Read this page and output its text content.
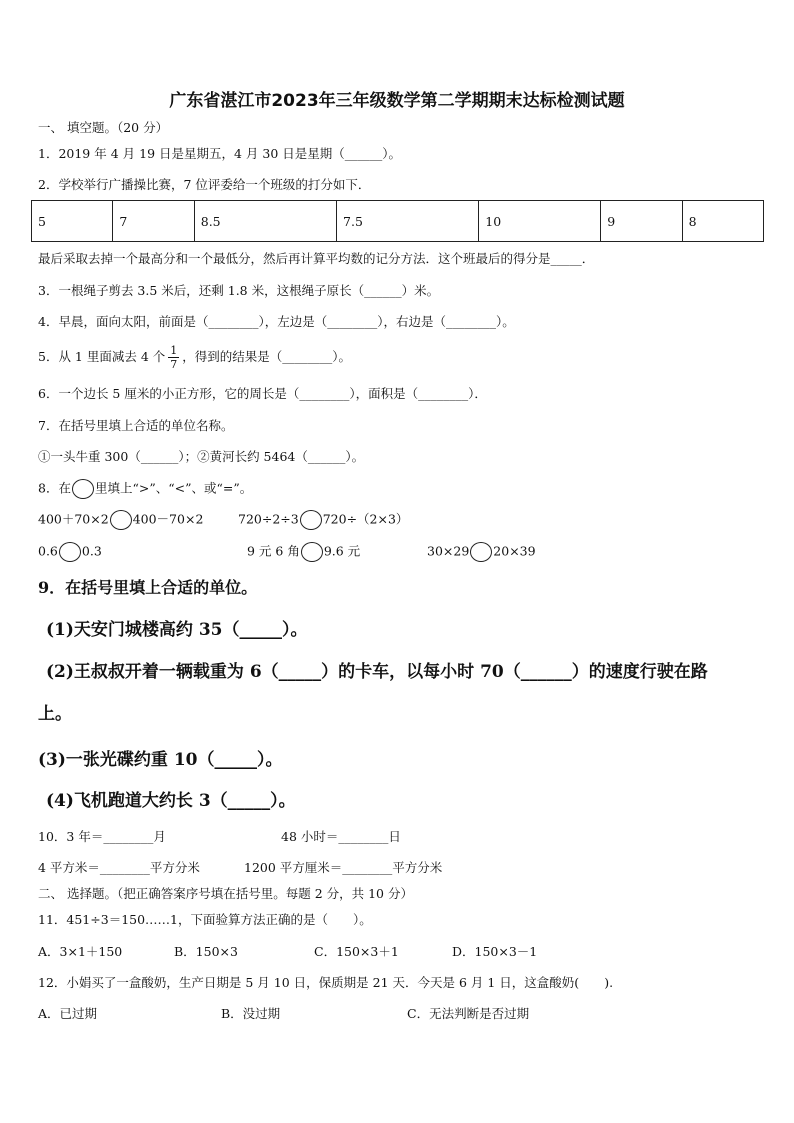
广东省湛江市2023年三年级数学第二学期期末达标检测试题
一、 填空题。（20 分）
1．2019 年 4 月 19 日是星期五，4 月 30 日是星期（______）。
2．学校举行广播操比赛，7 位评委给一个班级的打分如下．
5	7	8.5	7.5	10	9	8
最后采取去掉一个最高分和一个最低分，然后再计算平均数的记分方法．这个班最后的得分是_____．
3．一根绳子剪去 3.5 米后，还剩 1.8 米，这根绳子原长（______）米。
4．早晨，面向太阳，前面是（________），左边是（________），右边是（________）。
5．从 1 里面减去 4 个 $\frac{1}{7}$ ，得到的结果是（________）。
6．一个边长 5 厘米的小正方形，它的周长是（________），面积是（________）．
7．在括号里填上合适的单位名称。
①一头牛重 300（______）；②黄河长约 5464（______）。
8．在 里填上“>”、“<”、或“=”。
400＋70×2 400－70×2	720÷2÷3 720÷（2×3）
0.6 0.3	9 元 6 角 9.6 元	30×29 20×39
9．在括号里填上合适的单位。
(1)天安门城楼高约 35（_____）。
(2)王叔叔开着一辆载重为 6（_____）的卡车，以每小时 70（______）的速度行驶在路
上。
(3)一张光碟约重 10（_____）。
(4)飞机跑道大约长 3（_____）。
10．3 年＝________月	48 小时＝________日
4 平方米＝________平方分米	1200 平方厘米＝________平方分米
二、 选择题。（把正确答案序号填在括号里。每题 2 分，共 10 分）
11．451÷3＝150……1，下面验算方法正确的是（　　）。
A．3×1＋150	B．150×3	C．150×3＋1	D．150×3－1
12．小娟买了一盒酸奶，生产日期是 5 月 10 日，保质期是 21 天．今天是 6 月 1 日，这盒酸奶(　　).
A．已过期	B．没过期	C．无法判断是否过期
